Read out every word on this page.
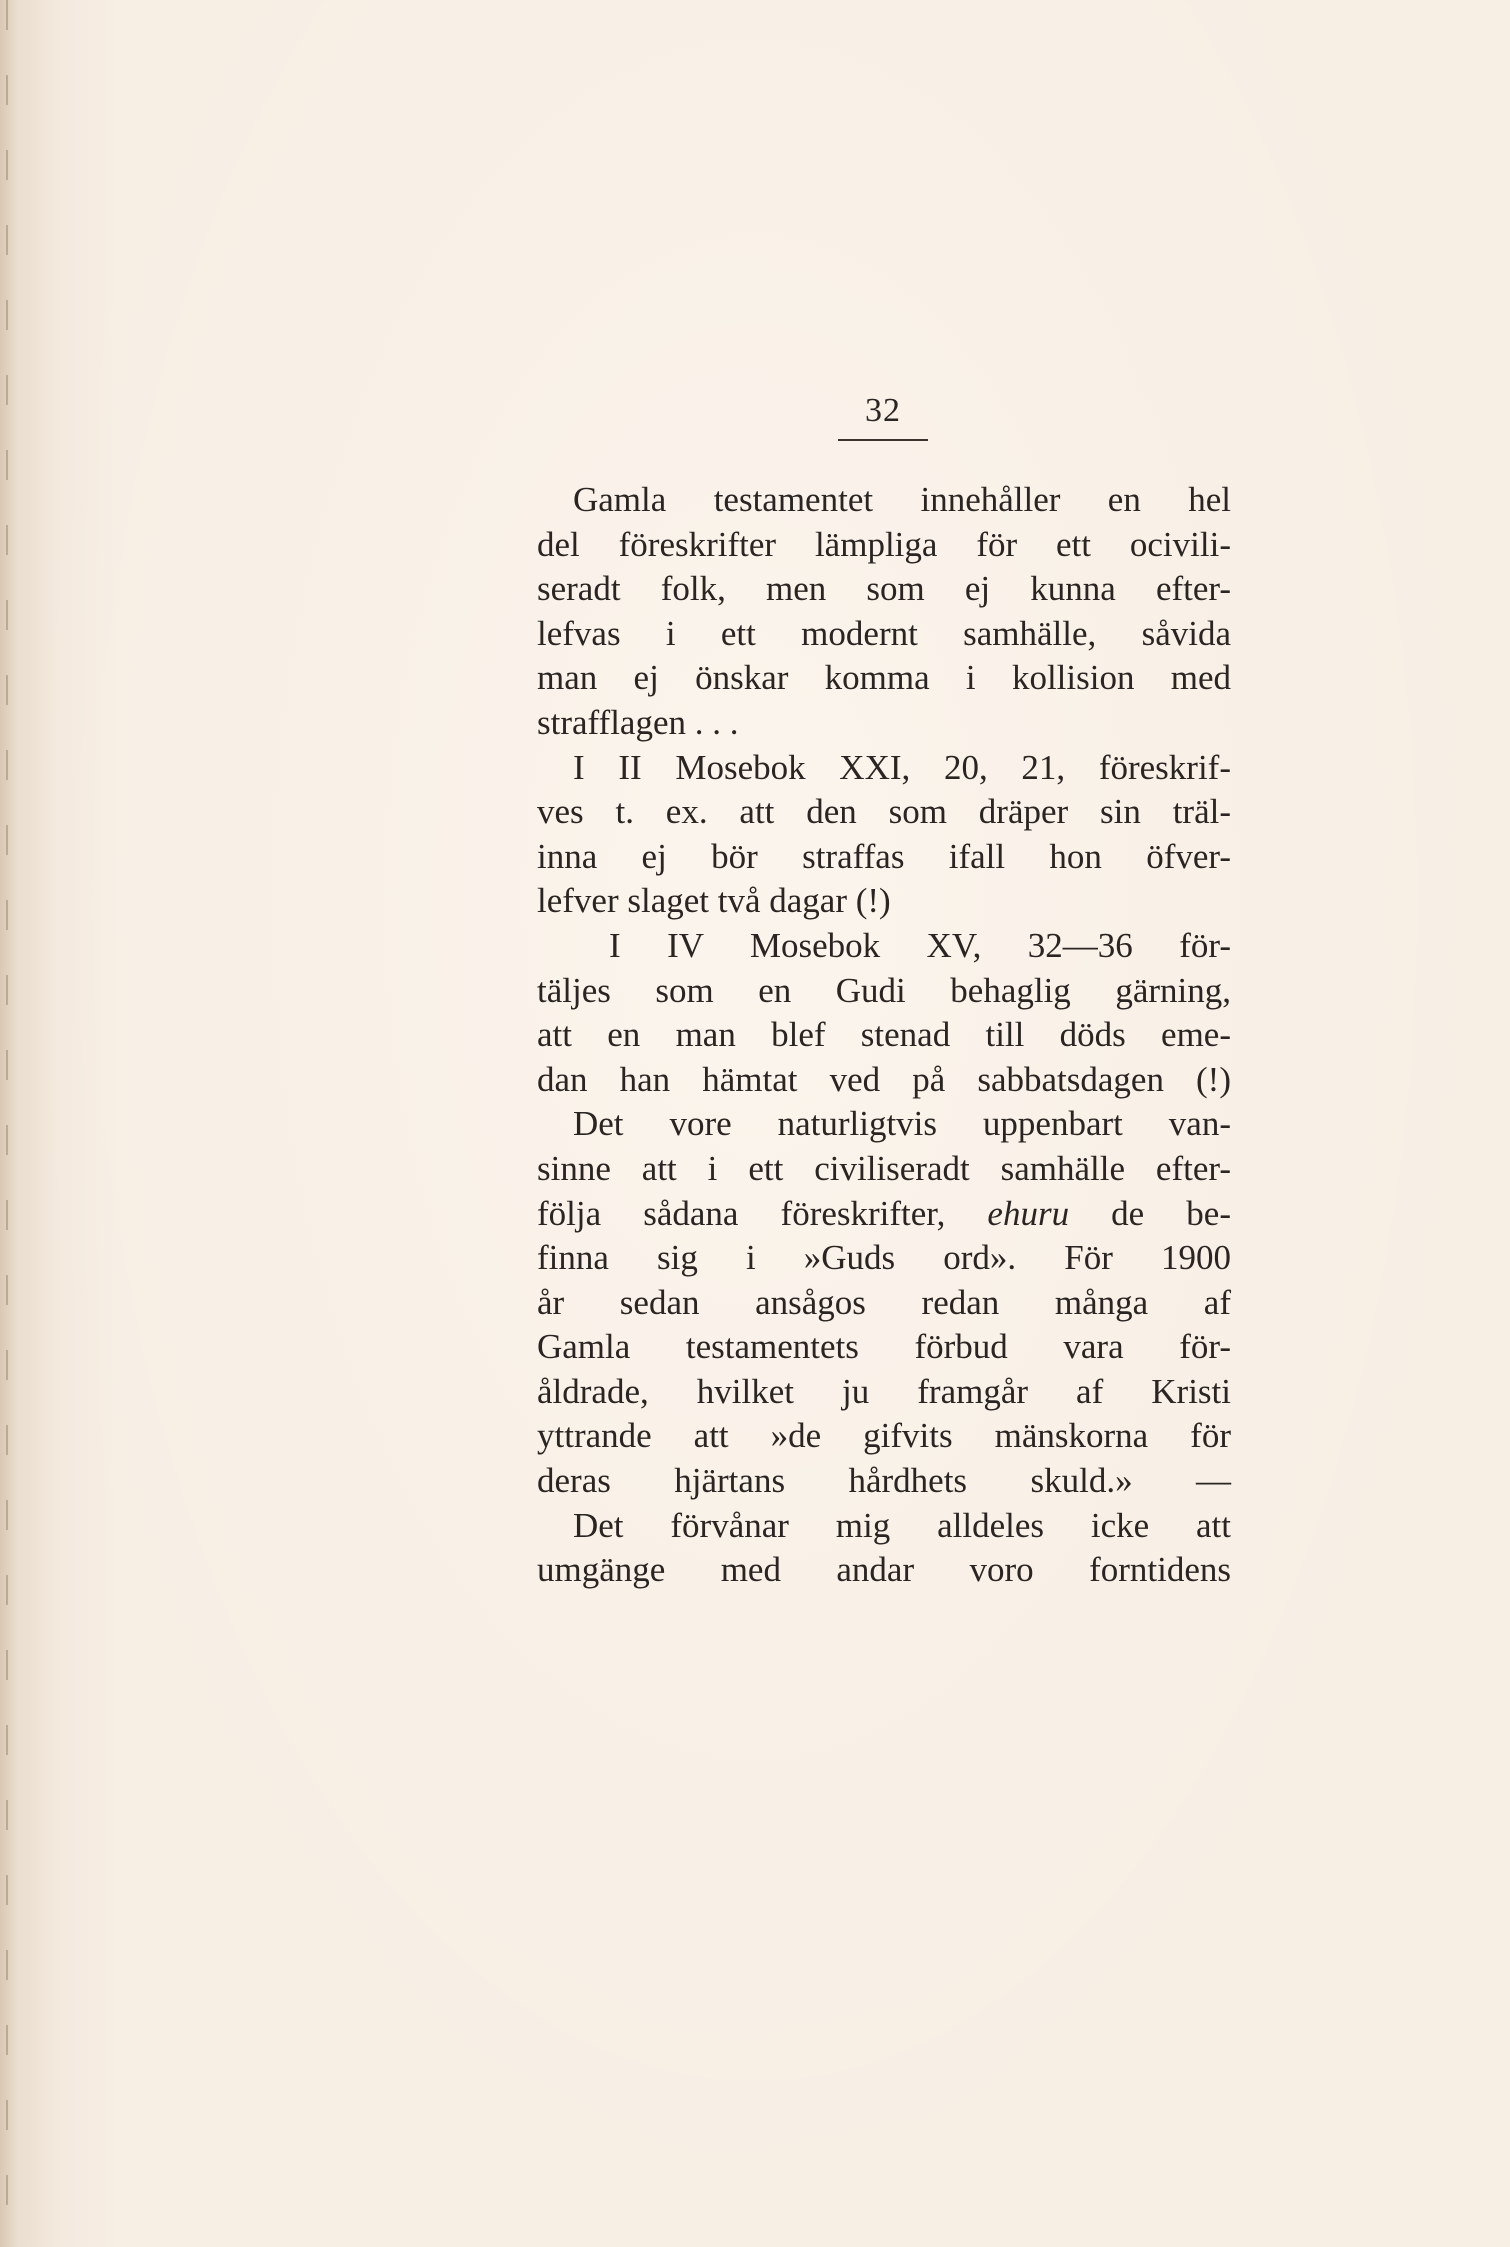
32
Gamla testamentet innehåller en hel
del föreskrifter lämpliga för ett ocivili-
seradt folk, men som ej kunna efter-
lefvas i ett modernt samhälle, såvida
man ej önskar komma i kollision med
strafflagen . . .
I II Mosebok XXI, 20, 21, föreskrif-
ves t. ex. att den som dräper sin träl-
inna ej bör straffas ifall hon öfver-
lefver slaget två dagar (!)
I IV Mosebok XV, 32—36 för-
täljes som en Gudi behaglig gärning,
att en man blef stenad till döds eme-
dan han hämtat ved på sabbatsdagen (!)
Det vore naturligtvis uppenbart van-
sinne att i ett civiliseradt samhälle efter-
följa sådana föreskrifter, ehuru de be-
finna sig i »Guds ord». För 1900
år sedan ansågos redan många af
Gamla testamentets förbud vara för-
åldrade, hvilket ju framgår af Kristi
yttrande att »de gifvits mänskorna för
deras hjärtans hårdhets skuld.» —
Det förvånar mig alldeles icke att
umgänge med andar voro forntidens
